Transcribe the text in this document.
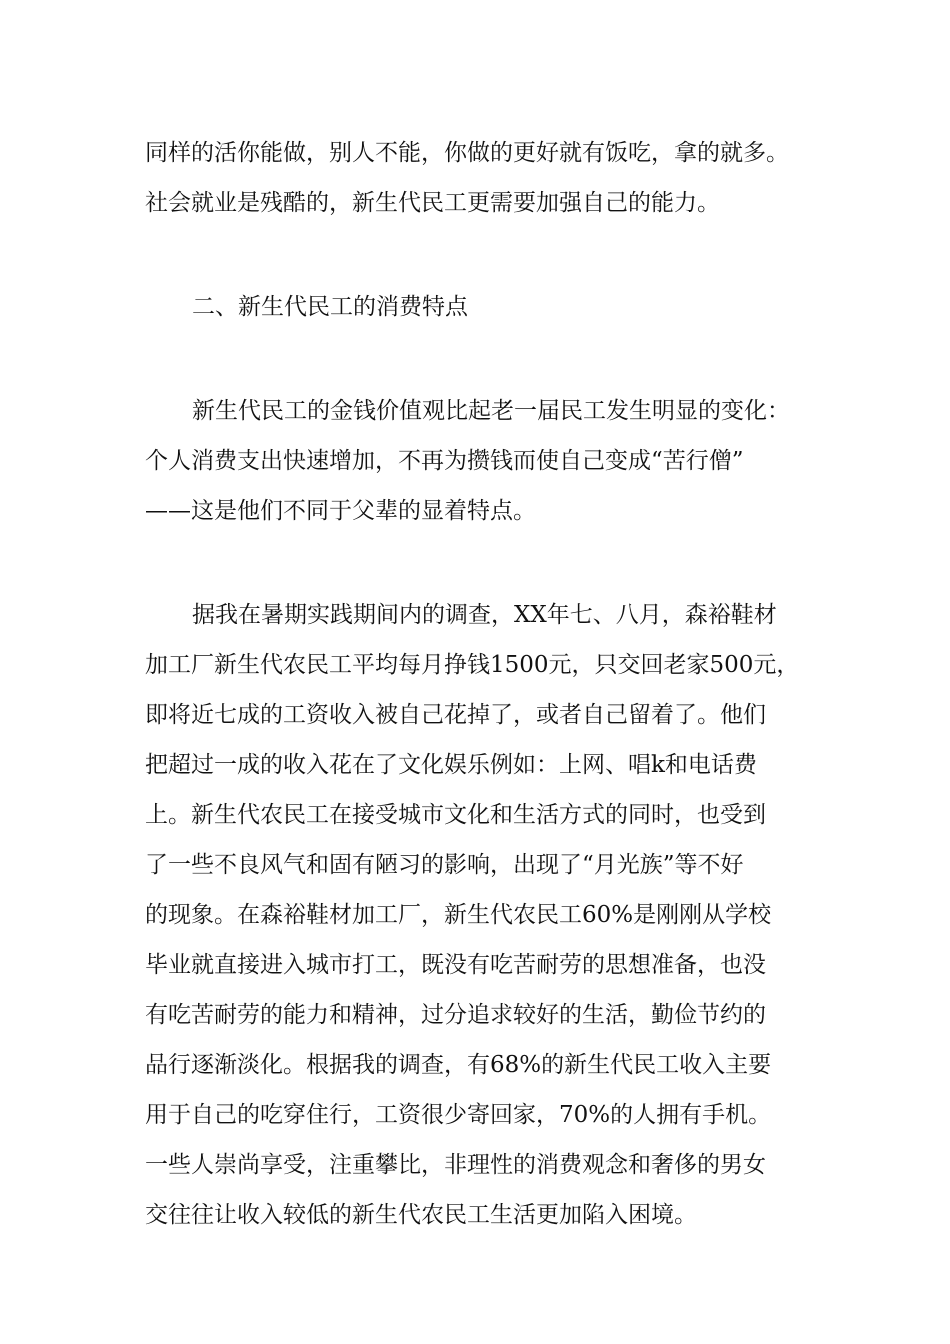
同样的活你能做，别人不能，你做的更好就有饭吃，拿的就多。
社会就业是残酷的，新生代民工更需要加强自己的能力。
二、新生代民工的消费特点
新生代民工的金钱价值观比起老一届民工发生明显的变化：
个人消费支出快速增加，不再为攒钱而使自己变成“苦行僧”
——这是他们不同于父辈的显着特点。
据我在暑期实践期间内的调查，XX年七、八月，森裕鞋材
加工厂新生代农民工平均每月挣钱1500元，只交回老家500元，
即将近七成的工资收入被自己花掉了，或者自己留着了。他们
把超过一成的收入花在了文化娱乐例如：上网、唱k和电话费
上。新生代农民工在接受城市文化和生活方式的同时，也受到
了一些不良风气和固有陋习的影响，出现了“月光族”等不好
的现象。在森裕鞋材加工厂，新生代农民工60%是刚刚从学校
毕业就直接进入城市打工，既没有吃苦耐劳的思想准备，也没
有吃苦耐劳的能力和精神，过分追求较好的生活，勤俭节约的
品行逐渐淡化。根据我的调查，有68%的新生代民工收入主要
用于自己的吃穿住行，工资很少寄回家，70%的人拥有手机。
一些人崇尚享受，注重攀比，非理性的消费观念和奢侈的男女
交往往让收入较低的新生代农民工生活更加陷入困境。
